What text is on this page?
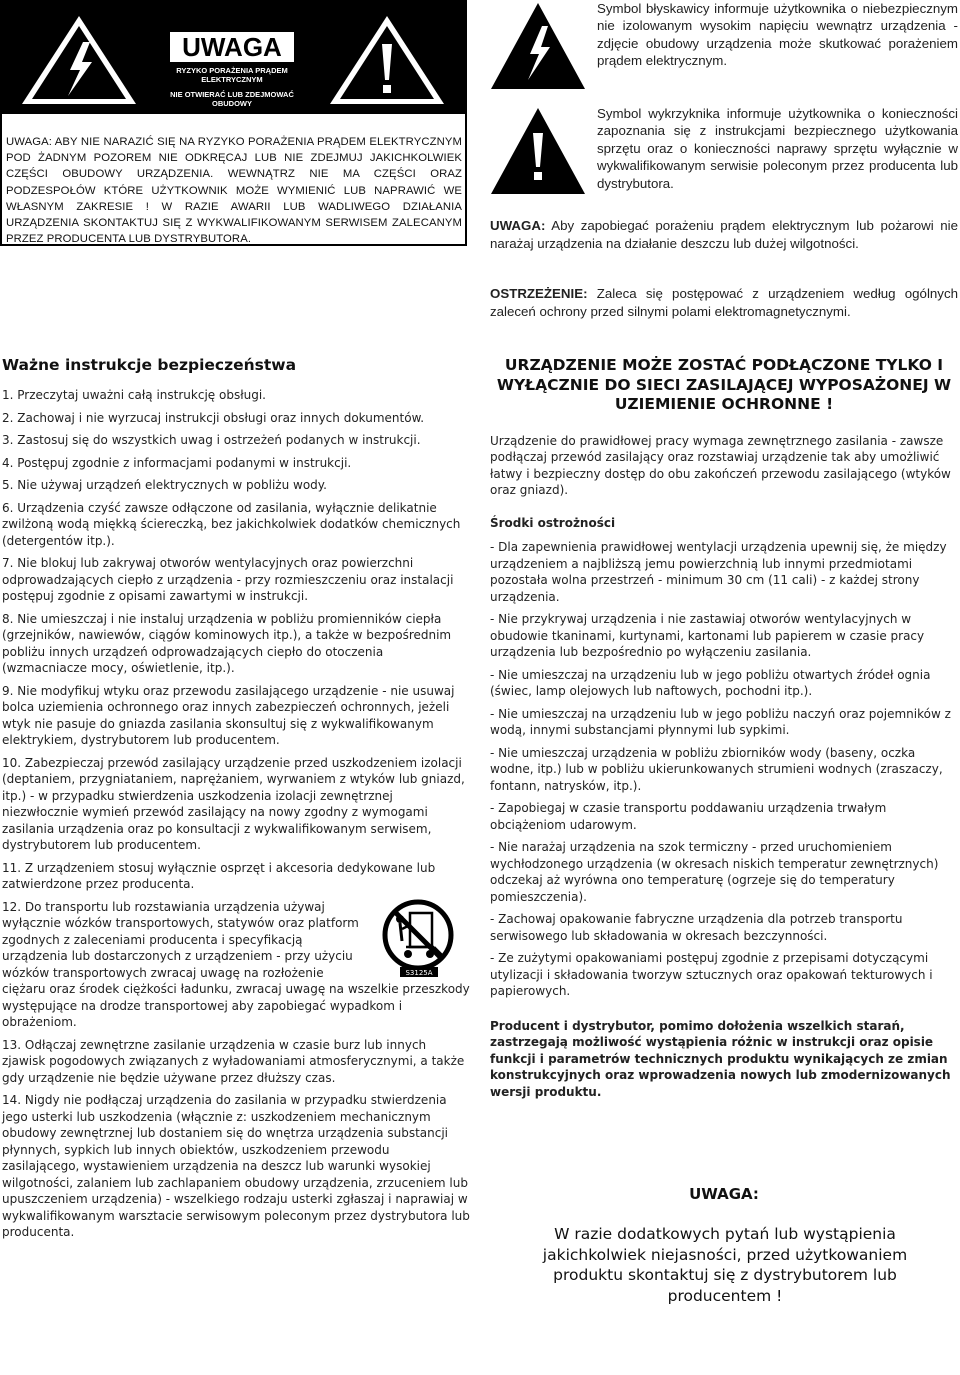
UWAGA
RYZYKO PORAŻENIA PRĄDEM
ELEKTRYCZNYM
NIE OTWIERAĆ LUB ZDEJMOWAĆ
OBUDOWY
UWAGA: ABY NIE NARAZIĆ SIĘ NA RYZYKO PORAŻENIA PRĄDEM ELEKTRYCZNYM POD ŻADNYM POZOREM NIE ODKRĘCAJ LUB NIE ZDEJMUJ JAKICHKOLWIEK CZĘŚCI OBUDOWY URZĄDZENIA. WEWNĄTRZ NIE MA CZĘŚCI ORAZ PODZESPOŁÓW KTÓRE UŻYTKOWNIK MOŻE WYMIENIĆ LUB NAPRAWIĆ WE WŁASNYM ZAKRESIE ! W RAZIE AWARII LUB WADLIWEGO DZIAŁANIA URZĄDZENIA SKONTAKTUJ SIĘ Z WYKWALIFIKOWANYM SERWISEM ZALECANYM PRZEZ PRODUCENTA LUB DYSTRYBUTORA.
Symbol błyskawicy informuje użytkownika o niebezpiecznym nie izolowanym wysokim napięciu wewnątrz urządzenia - zdjęcie obudowy urządzenia może skutkować porażeniem prądem elektrycznym.
Symbol wykrzyknika informuje użytkownika o konieczności zapoznania się z instrukcjami bezpiecznego użytkowania sprzętu oraz o konieczności naprawy sprzętu wyłącznie w wykwalifikowanym serwisie poleconym przez producenta lub dystrybutora.
UWAGA: Aby zapobiegać porażeniu prądem elektrycznym lub pożarowi nie narażaj urządzenia na działanie deszczu lub dużej wilgotności.
OSTRZEŻENIE: Zaleca się postępować z urządzeniem według ogólnych zaleceń ochrony przed silnymi polami elektromagnetycznymi.
Ważne instrukcje bezpieczeństwa

1. Przeczytaj uważni całą instrukcję obsługi.

2. Zachowaj i nie wyrzucaj instrukcji obsługi oraz innych dokumentów.

3. Zastosuj się do wszystkich uwag i ostrzeżeń podanych w instrukcji.

4. Postępuj zgodnie z informacjami podanymi w instrukcji.

5. Nie używaj urządzeń elektrycznych w pobliżu wody.

6. Urządzenia czyść zawsze odłączone od zasilania, wyłącznie delikatnie zwilżoną wodą miękką ściereczką, bez jakichkolwiek dodatków chemicznych (detergentów itp.).

7. Nie blokuj lub zakrywaj otworów wentylacyjnych oraz powierzchni odprowadzających ciepło z urządzenia - przy rozmieszczeniu oraz instalacji postępuj zgodnie z opisami zawartymi w instrukcji.

8. Nie umieszczaj i nie instaluj urządzenia w pobliżu promienników ciepła (grzejników, nawiewów, ciągów kominowych itp.), a także w bezpośrednim pobliżu innych urządzeń odprowadzających ciepło do otoczenia (wzmacniacze mocy, oświetlenie, itp.).

9. Nie modyfikuj wtyku oraz przewodu zasilającego urządzenie - nie usuwaj bolca uziemienia ochronnego oraz innych zabezpieczeń ochronnych, jeżeli wtyk nie pasuje do gniazda zasilania skonsultuj się z wykwalifikowanym elektrykiem, dystrybutorem lub producentem.

10. Zabezpieczaj przewód zasilający urządzenie przed uszkodzeniem izolacji (deptaniem, przygniataniem, naprężaniem, wyrwaniem z wtyków lub gniazd, itp.) - w przypadku stwierdzenia uszkodzenia izolacji zewnętrznej niezwłocznie wymień przewód zasilający na nowy zgodny z wymogami zasilania urządzenia oraz po konsultacji z wykwalifikowanym serwisem, dystrybutorem lub producentem.

11. Z urządzeniem stosuj wyłącznie osprzęt i akcesoria dedykowane lub zatwierdzone przez producenta.

S3125A

12. Do transportu lub rozstawiania urządzenia używaj wyłącznie wózków transportowych, statywów oraz platform zgodnych z zaleceniami producenta i specyfikacją urządzenia lub dostarczonych z urządzeniem - przy użyciu wózków transportowych zwracaj uwagę na rozłożenie ciężaru oraz środek ciężkości ładunku, zwracaj uwagę na wszelkie przeszkody występujące na drodze transportowej aby zapobiegać wypadkom i obrażeniom.

13. Odłączaj zewnętrzne zasilanie urządzenia w czasie burz lub innych zjawisk pogodowych związanych z wyładowaniami atmosferycznymi, a także gdy urządzenie nie będzie używane przez dłuższy czas.

14. Nigdy nie podłączaj urządzenia do zasilania w przypadku stwierdzenia jego usterki lub uszkodzenia (włącznie z: uszkodzeniem mechanicznym obudowy zewnętrznej lub dostaniem się do wnętrza urządzenia substancji płynnych, sypkich lub innych obiektów, uszkodzeniem przewodu zasilającego, wystawieniem urządzenia na deszcz lub warunki wysokiej wilgotności, zalaniem lub zachlapaniem obudowy urządzenia, zrzuceniem lub upuszczeniem urządzenia) - wszelkiego rodzaju usterki zgłaszaj i naprawiaj w wykwalifikowanym warsztacie serwisowym poleconym przez dystrybutora lub producenta.

URZĄDZENIE MOŻE ZOSTAĆ PODŁĄCZONE TYLKO I WYŁĄCZNIE DO SIECI ZASILAJĄCEJ WYPOSAŻONEJ W UZIEMIENIE OCHRONNE !

Urządzenie do prawidłowej pracy wymaga zewnętrznego zasilania - zawsze podłączaj przewód zasilający oraz rozstawiaj urządzenie tak aby umożliwić łatwy i bezpieczny dostęp do obu zakończeń przewodu zasilającego (wtyków oraz gniazd).

Środki ostrożności

- Dla zapewnienia prawidłowej wentylacji urządzenia upewnij się, że między urządzeniem a najbliższą jemu powierzchnią lub innymi przedmiotami pozostała wolna przestrzeń - minimum 30 cm (11 cali) - z każdej strony urządzenia.

- Nie przykrywaj urządzenia i nie zastawiaj otworów wentylacyjnych w obudowie tkaninami, kurtynami, kartonami lub papierem w czasie pracy urządzenia lub bezpośrednio po wyłączeniu zasilania.

- Nie umieszczaj na urządzeniu lub w jego pobliżu otwartych źródeł ognia (świec, lamp olejowych lub naftowych, pochodni itp.).

- Nie umieszczaj na urządzeniu lub w jego pobliżu naczyń oraz pojemników z wodą, innymi substancjami płynnymi lub sypkimi.

- Nie umieszczaj urządzenia w pobliżu zbiorników wody (baseny, oczka wodne, itp.) lub w pobliżu ukierunkowanych strumieni wodnych (zraszaczy, fontann, natrysków, itp.).

- Zapobiegaj w czasie transportu poddawaniu urządzenia trwałym obciążeniom udarowym.

- Nie narażaj urządzenia na szok termiczny - przed uruchomieniem wychłodzonego urządzenia (w okresach niskich temperatur zewnętrznych) odczekaj aż wyrówna ono temperaturę (ogrzeje się do temperatury pomieszczenia).

- Zachowaj opakowanie fabryczne urządzenia dla potrzeb transportu serwisowego lub składowania w okresach bezczynności.

- Ze zużytymi opakowaniami postępuj zgodnie z przepisami dotyczącymi utylizacji i składowania tworzyw sztucznych oraz opakowań tekturowych i papierowych.

Producent i dystrybutor, pomimo dołożenia wszelkich starań, zastrzegają możliwość wystąpienia różnic w instrukcji oraz opisie funkcji i parametrów technicznych produktu wynikających ze zmian konstrukcyjnych oraz wprowadzenia nowych lub zmodernizowanych wersji produktu.

UWAGA:
W razie dodatkowych pytań lub wystąpienia jakichkolwiek niejasności, przed użytkowaniem produktu skontaktuj się z dystrybutorem lub producentem !
